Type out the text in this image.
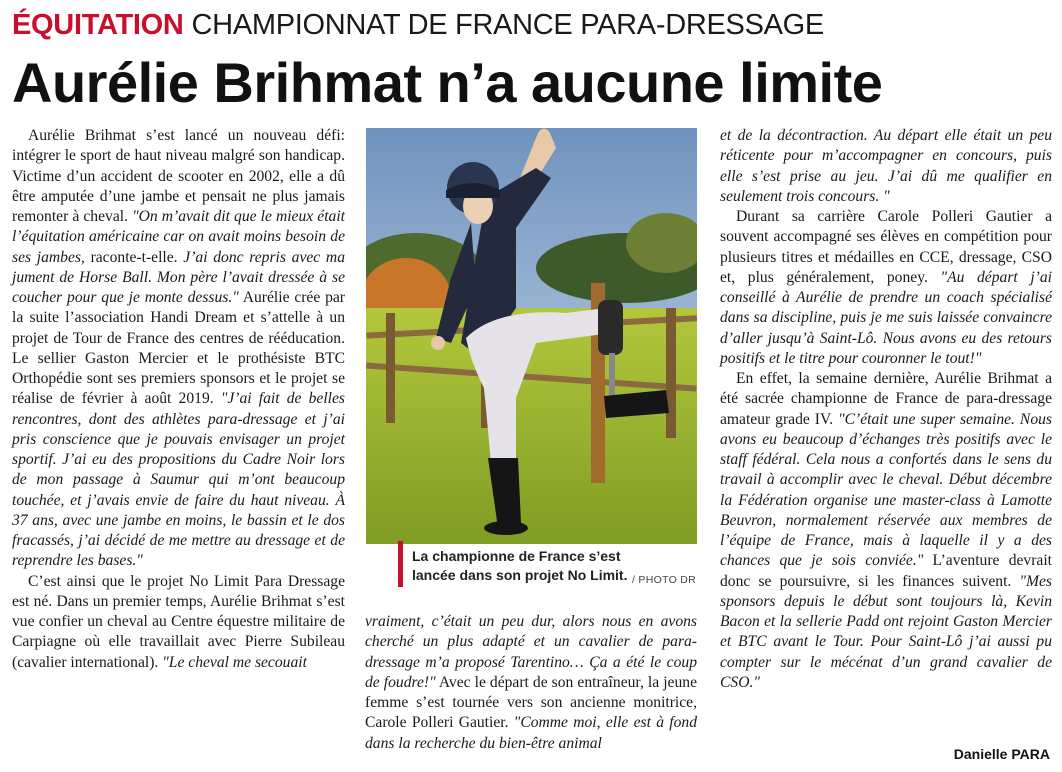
ÉQUITATION CHAMPIONNAT DE FRANCE PARA-DRESSAGE
Aurélie Brihmat n’a aucune limite

Aurélie Brihmat s’est lancé un nouveau défi: intégrer le sport de haut niveau malgré son handicap. Victime d’un accident de scooter en 2002, elle a dû être amputée d’une jambe et pensait ne plus jamais remonter à cheval. "On m’avait dit que le mieux était l’équitation américaine car on avait moins besoin de ses jambes, raconte-t-elle. J’ai donc repris avec ma jument de Horse Ball. Mon père l’avait dressée à se coucher pour que je monte dessus." Aurélie crée par la suite l’association Handi Dream et s’attelle à un projet de Tour de France des centres de rééducation. Le sellier Gaston Mercier et le prothésiste BTC Orthopédie sont ses premiers sponsors et le projet se réalise de février à août 2019. "J’ai fait de belles rencontres, dont des athlètes para-dressage et j’ai pris conscience que je pouvais envisager un projet sportif. J’ai eu des propositions du Cadre Noir lors de mon passage à Saumur qui m’ont beaucoup touchée, et j’avais envie de faire du haut niveau. À 37 ans, avec une jambe en moins, le bassin et le dos fracassés, j’ai décidé de me mettre au dressage et de reprendre les bases."

C’est ainsi que le projet No Limit Para Dressage est né. Dans un premier temps, Aurélie Brihmat s’est vue confier un cheval au Centre équestre militaire de Carpiagne où elle travaillait avec Pierre Subileau (cavalier international). "Le cheval me secouait

La championne de France s’est lancée dans son projet No Limit. / PHOTO DR

vraiment, c’était un peu dur, alors nous en avons cherché un plus adapté et un cavalier de para-dressage m’a proposé Tarentino… Ça a été le coup de foudre!" Avec le départ de son entraîneur, la jeune femme s’est tournée vers son ancienne monitrice, Carole Polleri Gautier. "Comme moi, elle est à fond dans la recherche du bien-être animal

et de la décontraction. Au départ elle était un peu réticente pour m’accompagner en concours, puis elle s’est prise au jeu. J’ai dû me qualifier en seulement trois concours. "

Durant sa carrière Carole Polleri Gautier a souvent accompagné ses élèves en compétition pour plusieurs titres et médailles en CCE, dressage, CSO et, plus généralement, poney. "Au départ j’ai conseillé à Aurélie de prendre un coach spécialisé dans sa discipline, puis je me suis laissée convaincre d’aller jusqu’à Saint-Lô. Nous avons eu des retours positifs et le titre pour couronner le tout!"

En effet, la semaine dernière, Aurélie Brihmat a été sacrée championne de France de para-dressage amateur grade IV. "C’était une super semaine. Nous avons eu beaucoup d’échanges très positifs avec le staff fédéral. Cela nous a confortés dans le sens du travail à accomplir avec le cheval. Début décembre la Fédération organise une master-class à Lamotte Beuvron, normalement réservée aux membres de l’équipe de France, mais à laquelle il y a des chances que je sois conviée." L’aventure devrait donc se poursuivre, si les finances suivent. "Mes sponsors depuis le début sont toujours là, Kevin Bacon et la sellerie Padd ont rejoint Gaston Mercier et BTC avant le Tour. Pour Saint-Lô j’ai aussi pu compter sur le mécénat d’un grand cavalier de CSO."

Danielle PARA
